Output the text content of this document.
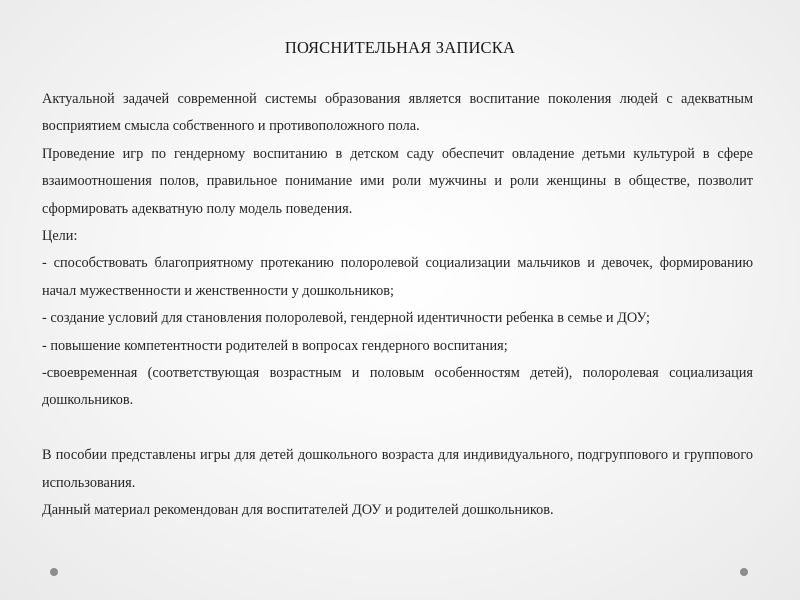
ПОЯСНИТЕЛЬНАЯ ЗАПИСКА

Актуальной задачей современной системы образования является воспитание поколения людей с адекватным восприятием смысла собственного и противоположного пола.

Проведение игр по гендерному воспитанию в детском саду обеспечит овладение детьми культурой в сфере взаимоотношения полов, правильное понимание ими роли мужчины и роли женщины в обществе, позволит сформировать адекватную полу модель поведения.

Цели:

- способствовать благоприятному протеканию полоролевой социализации мальчиков и девочек, формированию начал мужественности и женственности у дошкольников;

- создание условий для становления полоролевой, гендерной идентичности ребенка в семье и ДОУ;

- повышение компетентности родителей в вопросах гендерного воспитания;

-своевременная (соответствующая возрастным и половым особенностям детей), полоролевая социализация дошкольников.

В пособии представлены игры для детей дошкольного возраста для индивидуального, подгруппового и группового использования.

Данный материал рекомендован для воспитателей ДОУ и родителей дошкольников.
